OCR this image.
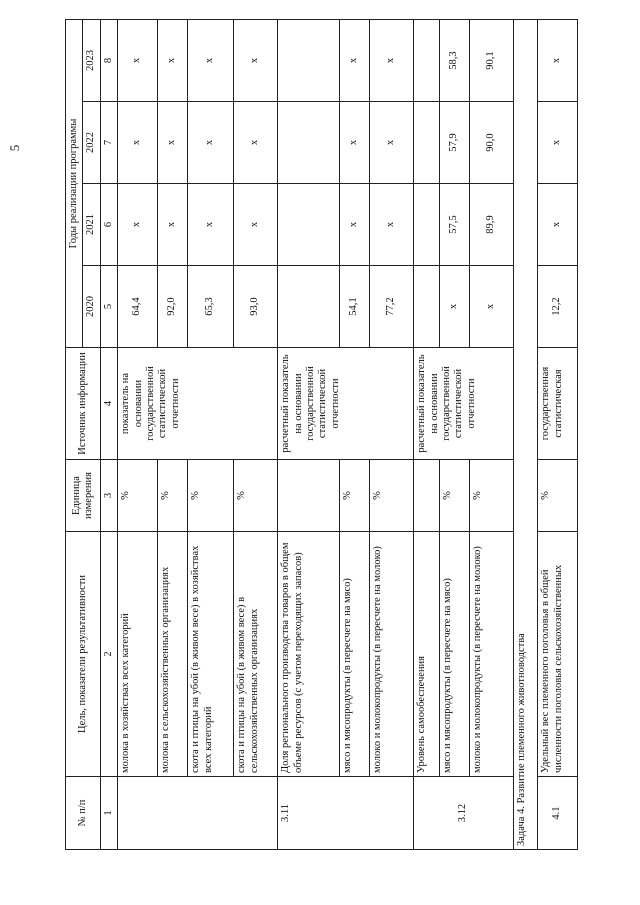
5
№ п/п	Цель, показатели результативности	Единица измерения	Источник информации	Годы реализации программы			
				2020	2021	2022	2023
1	2	3	4	5	6	7	8
	молока в хозяйствах всех категорий	%	показатель на основании государственной статистической отчетности	64,4	х	х	х
	молока в сельскохозяйственных организациях	%		92,0	х	х	х
	скота и птицы на убой (в живом весе) в хозяйствах всех категорий	%		65,3	х	х	х
	скота и птицы на убой (в живом весе) в сельскохозяйственных организациях	%		93,0	х	х	х
3.11	Доля регионального производства товаров в общем объеме ресурсов (с учетом переходящих запасов)		расчетный показатель на основании государственной статистической отчетности				
	мясо и мясопродукты (в пересчете на мясо)	%		54,1	х	х	х
	молоко и молокопродукты (в пересчете на молоко)	%		77,2	х	х	х
3.12	Уровень самообеспечения		расчетный показатель на основании государственной статистической отчетности				
	мясо и мясопродукты (в пересчете на мясо)	%		х	57,5	57,9	58,3
	молоко и молокопродукты (в пересчете на молоко)	%		х	89,9	90,0	90,1
Задача 4. Развитие племенного животноводства							
4.1	Удельный вес племенного поголовья в общей численности поголовья сельскохозяйственных	%	государственная статистическая	12,2	х	х	х
